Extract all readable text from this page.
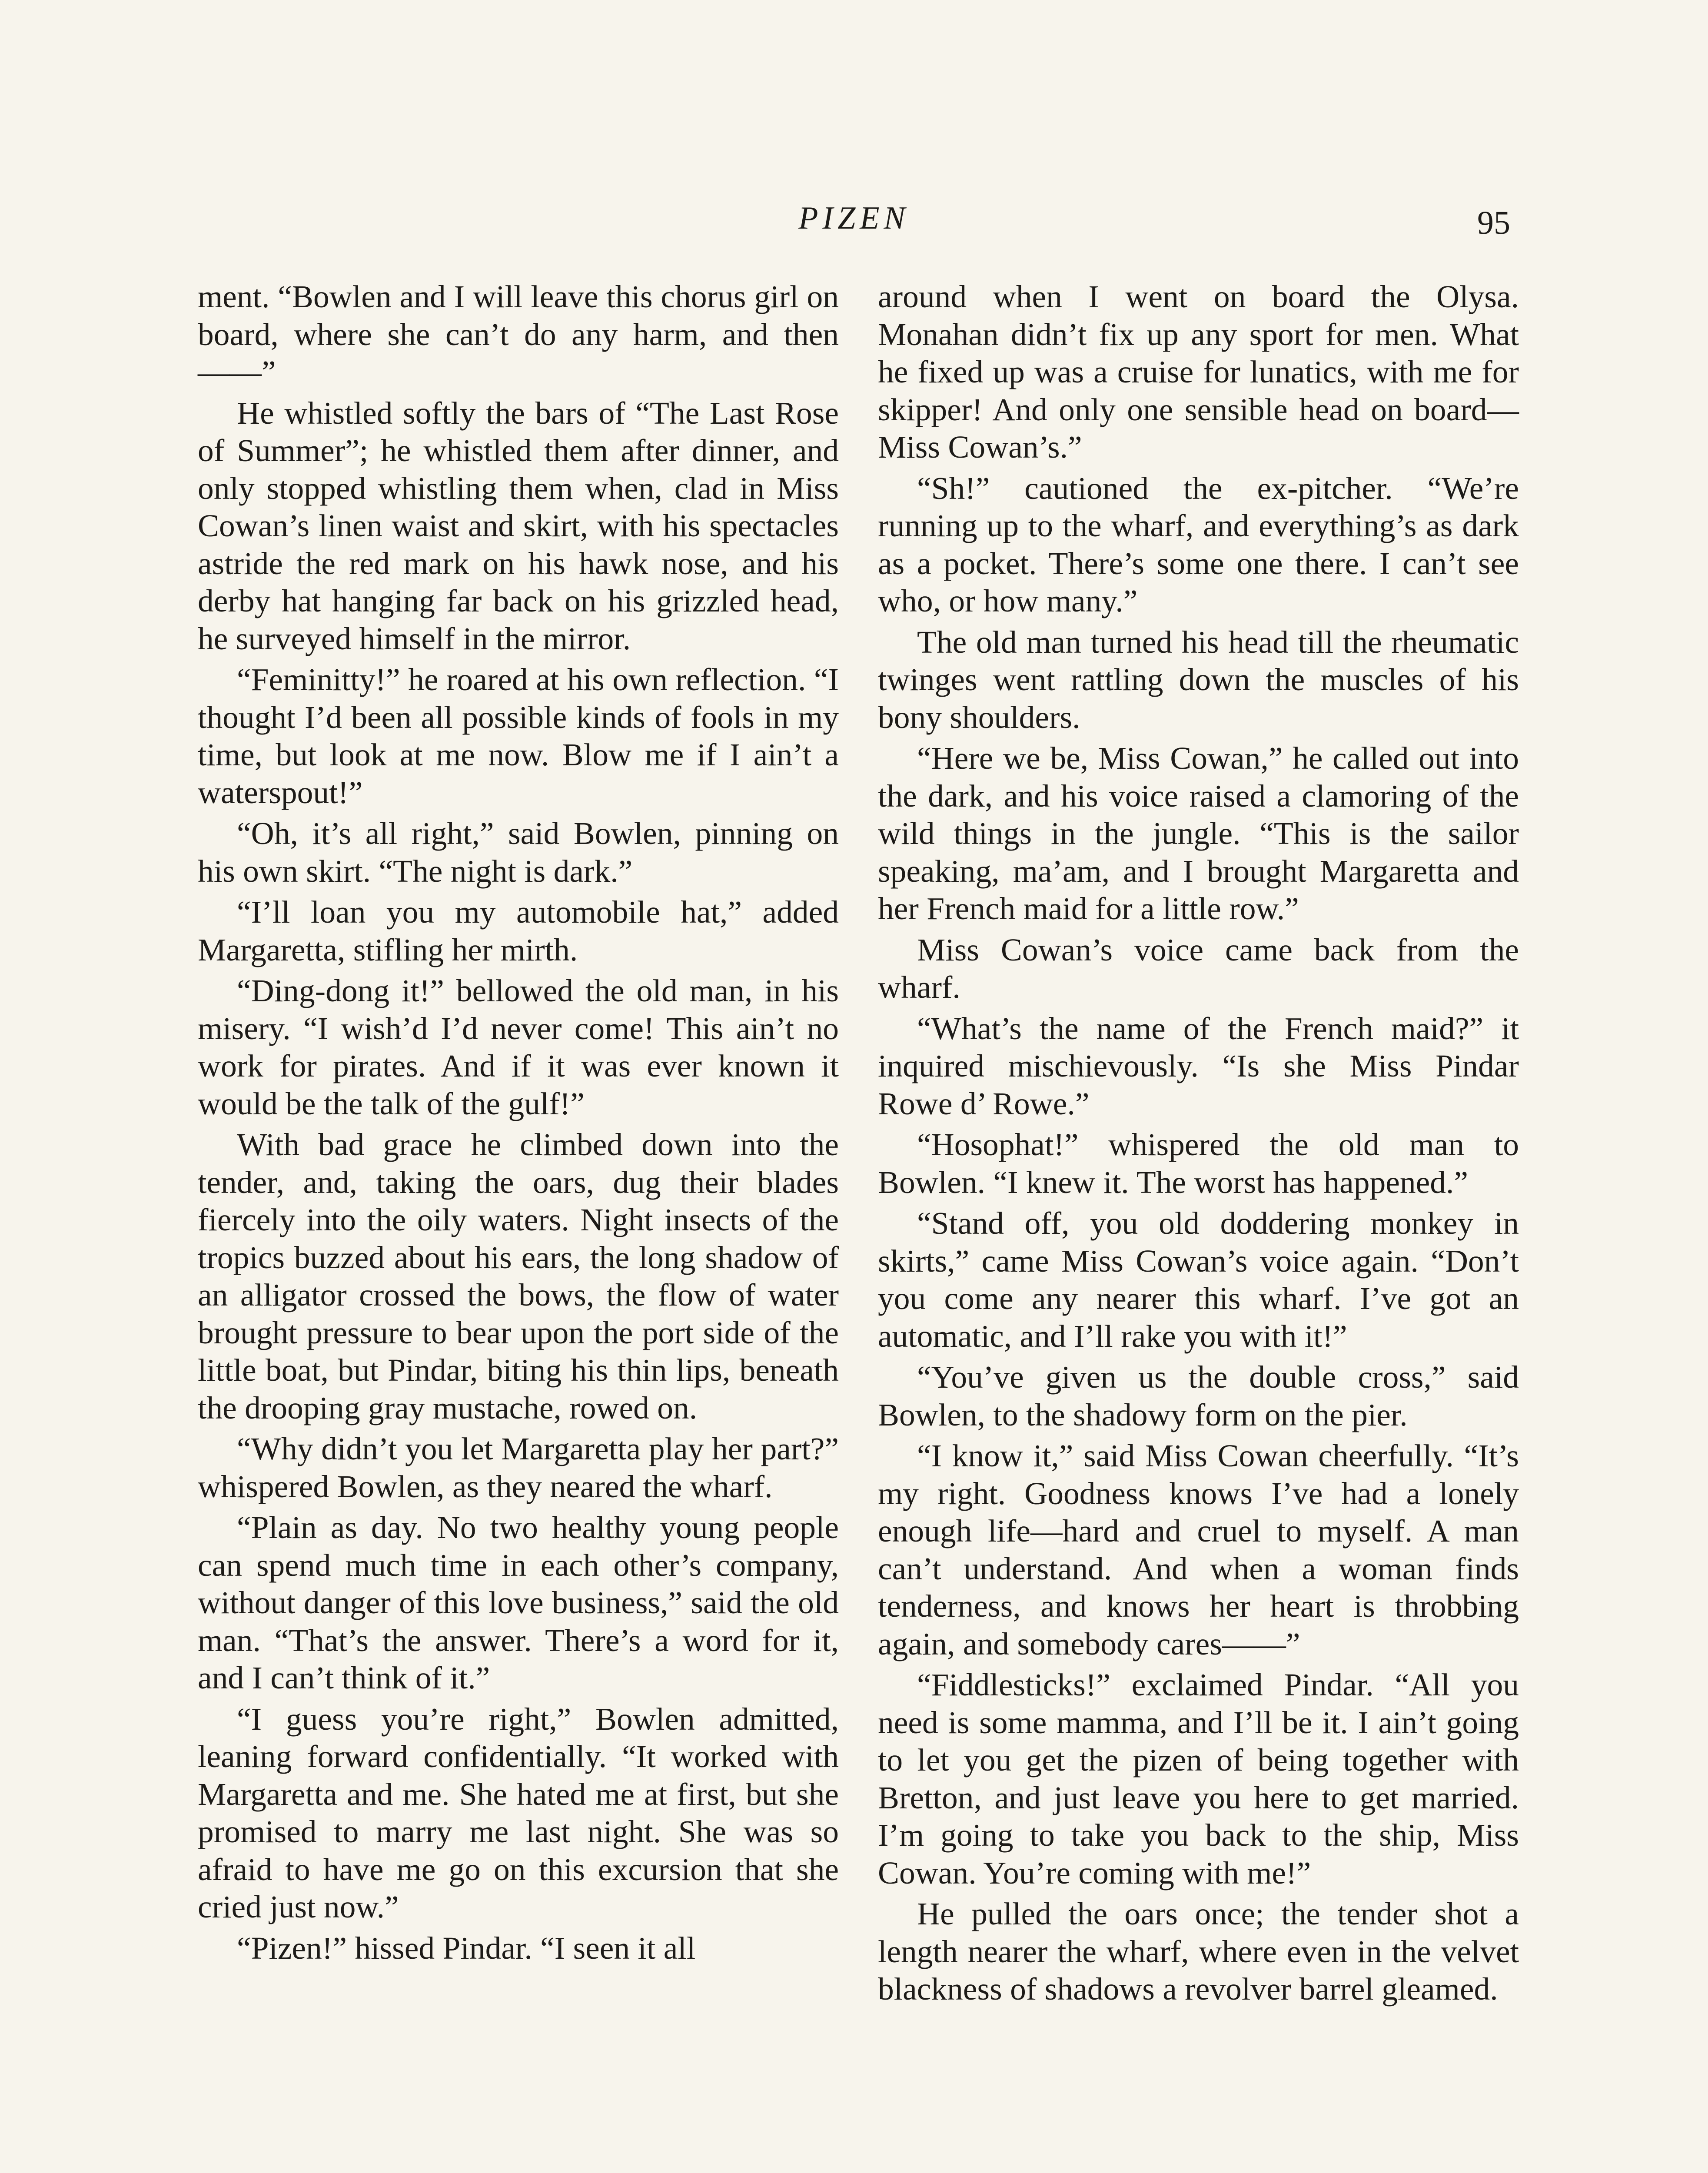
PIZEN	95

ment. “Bowlen and I will leave this chorus girl on board, where she can’t do any harm, and then——”

He whistled softly the bars of “The Last Rose of Summer”; he whistled them after dinner, and only stopped whistling them when, clad in Miss Cowan’s linen waist and skirt, with his spectacles astride the red mark on his hawk nose, and his derby hat hanging far back on his grizzled head, he surveyed himself in the mirror.

“Feminitty!” he roared at his own reflection. “I thought I’d been all possible kinds of fools in my time, but look at me now. Blow me if I ain’t a waterspout!”

“Oh, it’s all right,” said Bowlen, pinning on his own skirt. “The night is dark.”

“I’ll loan you my automobile hat,” added Margaretta, stifling her mirth.

“Ding-dong it!” bellowed the old man, in his misery. “I wish’d I’d never come! This ain’t no work for pirates. And if it was ever known it would be the talk of the gulf!”

With bad grace he climbed down into the tender, and, taking the oars, dug their blades fiercely into the oily waters. Night insects of the tropics buzzed about his ears, the long shadow of an alligator crossed the bows, the flow of water brought pressure to bear upon the port side of the little boat, but Pindar, biting his thin lips, beneath the drooping gray mustache, rowed on.

“Why didn’t you let Margaretta play her part?” whispered Bowlen, as they neared the wharf.

“Plain as day. No two healthy young people can spend much time in each other’s company, without danger of this love business,” said the old man. “That’s the answer. There’s a word for it, and I can’t think of it.”

“I guess you’re right,” Bowlen admitted, leaning forward confidentially. “It worked with Margaretta and me. She hated me at first, but she promised to marry me last night. She was so afraid to have me go on this excursion that she cried just now.”

“Pizen!” hissed Pindar. “I seen it all

around when I went on board the Olysa. Monahan didn’t fix up any sport for men. What he fixed up was a cruise for lunatics, with me for skipper! And only one sensible head on board—Miss Cowan’s.”

“Sh!” cautioned the ex-pitcher. “We’re running up to the wharf, and everything’s as dark as a pocket. There’s some one there. I can’t see who, or how many.”

The old man turned his head till the rheumatic twinges went rattling down the muscles of his bony shoulders.

“Here we be, Miss Cowan,” he called out into the dark, and his voice raised a clamoring of the wild things in the jungle. “This is the sailor speaking, ma’am, and I brought Margaretta and her French maid for a little row.”

Miss Cowan’s voice came back from the wharf.

“What’s the name of the French maid?” it inquired mischievously. “Is she Miss Pindar Rowe d’ Rowe.”

“Hosophat!” whispered the old man to Bowlen. “I knew it. The worst has happened.”

“Stand off, you old doddering monkey in skirts,” came Miss Cowan’s voice again. “Don’t you come any nearer this wharf. I’ve got an automatic, and I’ll rake you with it!”

“You’ve given us the double cross,” said Bowlen, to the shadowy form on the pier.

“I know it,” said Miss Cowan cheerfully. “It’s my right. Goodness knows I’ve had a lonely enough life—hard and cruel to myself. A man can’t understand. And when a woman finds tenderness, and knows her heart is throbbing again, and somebody cares——”

“Fiddlesticks!” exclaimed Pindar. “All you need is some mamma, and I’ll be it. I ain’t going to let you get the pizen of being together with Bretton, and just leave you here to get married. I’m going to take you back to the ship, Miss Cowan. You’re coming with me!”

He pulled the oars once; the tender shot a length nearer the wharf, where even in the velvet blackness of shadows a revolver barrel gleamed.
